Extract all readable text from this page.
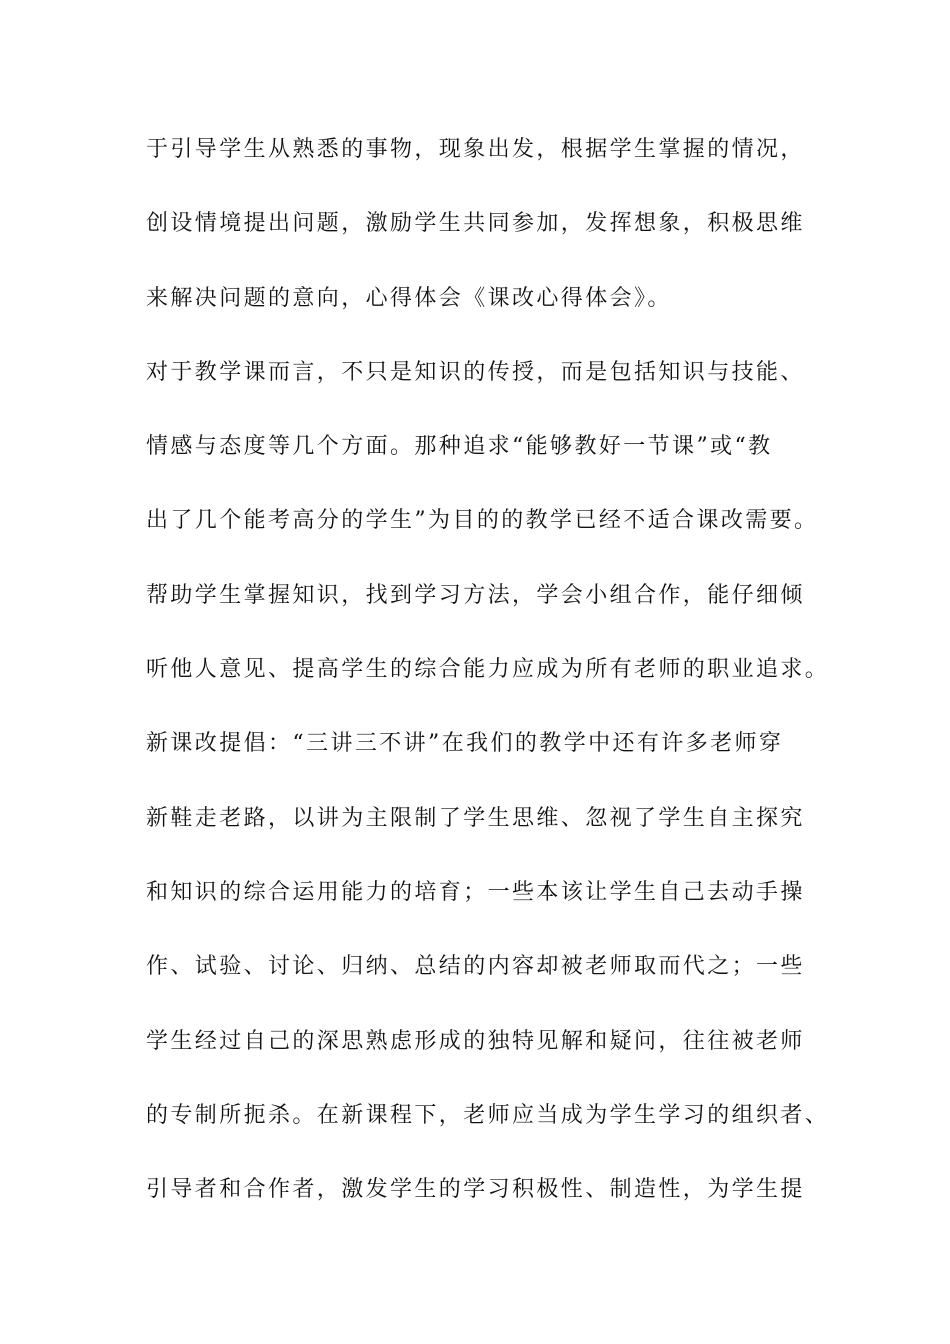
于引导学生从熟悉的事物，现象出发，根据学生掌握的情况，
创设情境提出问题，激励学生共同参加，发挥想象，积极思维
来解决问题的意向，心得体会《课改心得体会》。
对于教学课而言，不只是知识的传授，而是包括知识与技能、
情感与态度等几个方面。那种追求“能够教好一节课”或“教
出了几个能考高分的学生”为目的的教学已经不适合课改需要。
帮助学生掌握知识，找到学习方法，学会小组合作，能仔细倾
听他人意见、提高学生的综合能力应成为所有老师的职业追求。
新课改提倡：“三讲三不讲”在我们的教学中还有许多老师穿
新鞋走老路，以讲为主限制了学生思维、忽视了学生自主探究
和知识的综合运用能力的培育；一些本该让学生自己去动手操
作、试验、讨论、归纳、总结的内容却被老师取而代之；一些
学生经过自己的深思熟虑形成的独特见解和疑问，往往被老师
的专制所扼杀。在新课程下，老师应当成为学生学习的组织者、
引导者和合作者，激发学生的学习积极性、制造性，为学生提
